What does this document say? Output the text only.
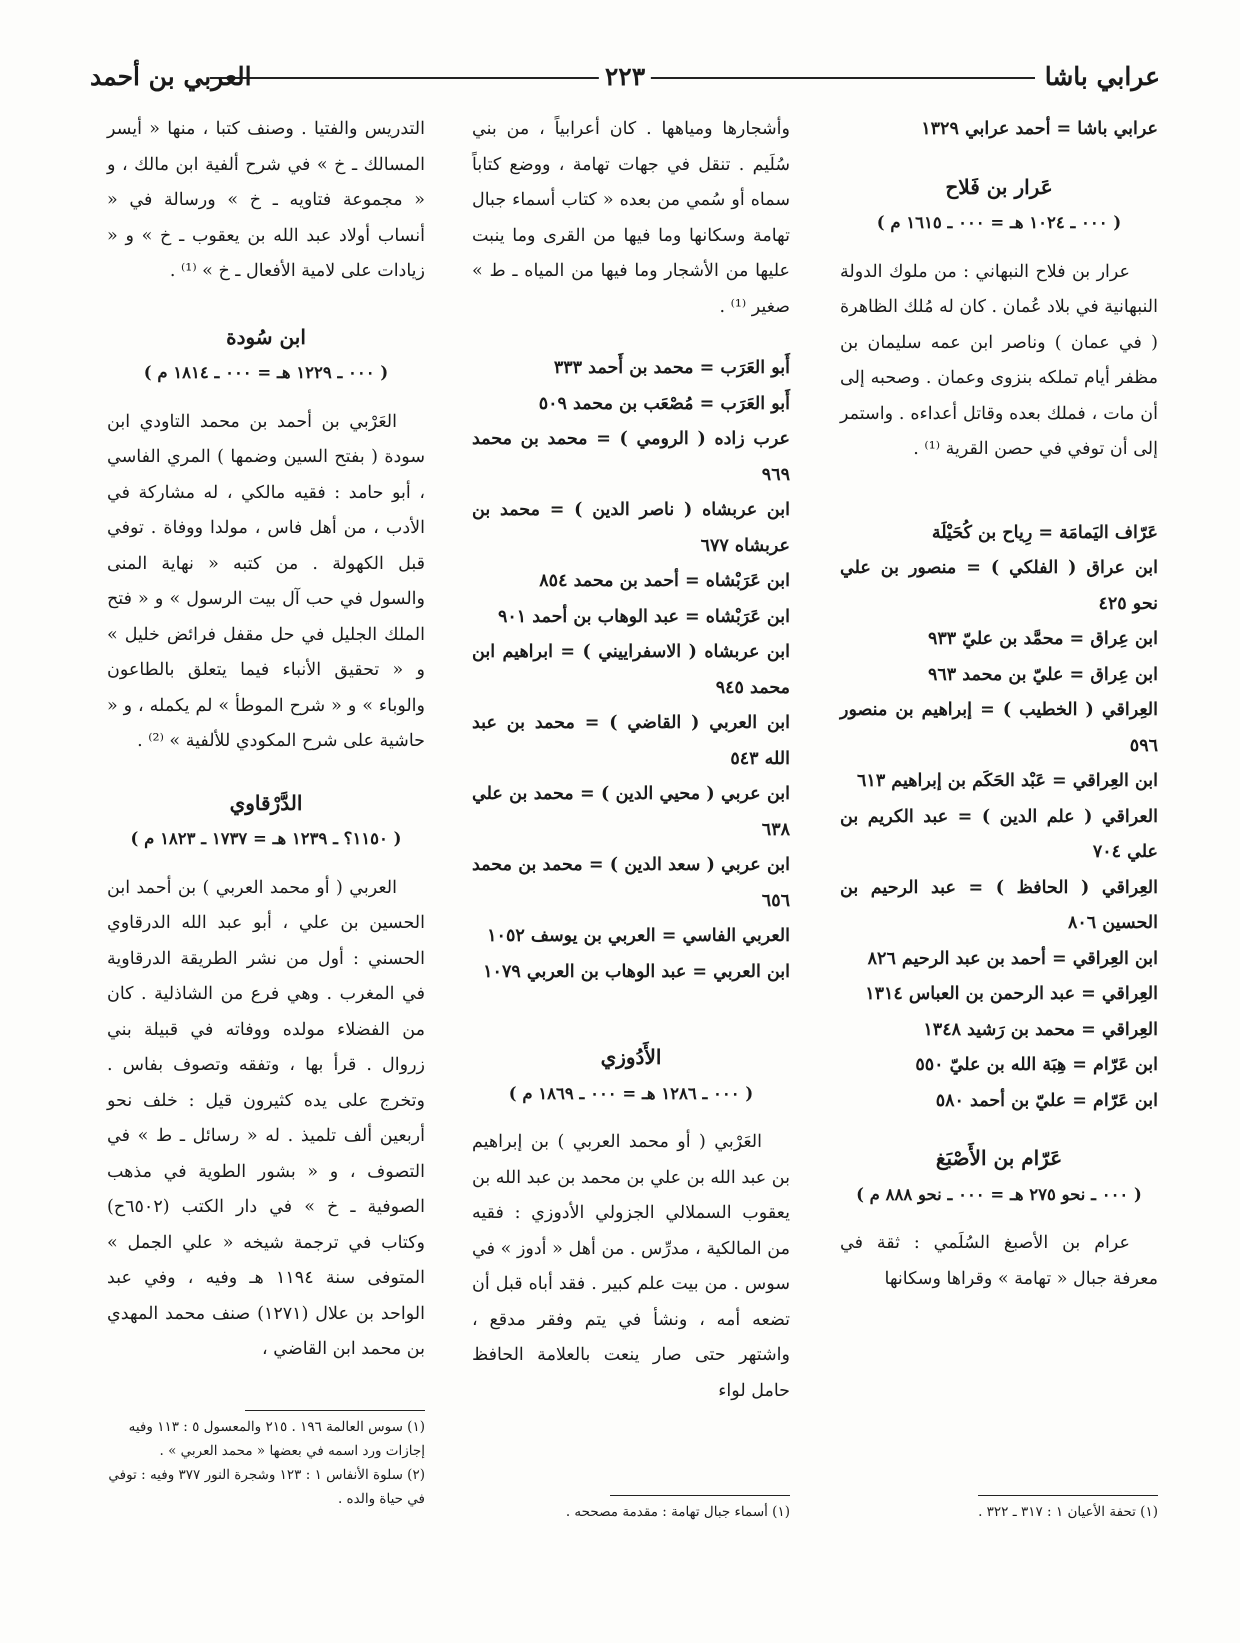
عرابي باشا
٢٢٣
العربي بن أحمد

عرابي باشا = أحمد عرابي ١٣٢٩

عَرار بن فَلاح
( ٠٠٠ ـ ١٠٢٤ هـ = ٠٠٠ ـ ١٦١٥ م )

عرار بن فلاح النبهاني : من ملوك الدولة النبهانية في بلاد عُمان . كان له مُلك الظاهرة ( في عمان ) وناصر ابن عمه سليمان بن مظفر أيام تملكه بنزوى وعمان . وصحبه إلى أن مات ، فملك بعده وقاتل أعداءه . واستمر إلى أن توفي في حصن القرية ⁽¹⁾ .

عَرّاف اليَمامَة = رِياح بن كُحَيْلَة

ابن عراق ( الفلكي ) = منصور بن علي نحو ٤٢٥

ابن عِراق = محمَّد بن عليّ ٩٣٣

ابن عِراق = عليّ بن محمد ٩٦٣

العِراقي ( الخطيب ) = إبراهيم بن منصور ٥٩٦

ابن العِراقي = عَبْد الحَكَم بن إبراهيم ٦١٣

العراقي ( علم الدين ) = عبد الكريم بن علي ٧٠٤

العِراقي ( الحافظ ) = عبد الرحيم بن الحسين ٨٠٦

ابن العِراقي = أحمد بن عبد الرحيم ٨٢٦

العِراقي = عبد الرحمن بن العباس ١٣١٤

العِراقي = محمد بن رَشيد ١٣٤٨

ابن عَرّام = هِبَة الله بن عليّ ٥٥٠

ابن عَرّام = عليّ بن أحمد ٥٨٠

عَرّام بن الأَصْبَغ
( ٠٠٠ ـ نحو ٢٧٥ هـ = ٠٠٠ ـ نحو ٨٨٨ م )

عرام بن الأصبغ السُلَمي : ثقة في معرفة جبال « تهامة » وقراها وسكانها

وأشجارها ومياهها . كان أعرابياً ، من بني سُلَيم . تنقل في جهات تهامة ، ووضع كتاباً سماه أو سُمي من بعده « كتاب أسماء جبال تهامة وسكانها وما فيها من القرى وما ينبت عليها من الأشجار وما فيها من المياه ـ ط » صغير ⁽¹⁾ .

أَبو العَرَب = محمد بن أَحمد ٣٣٣

أَبو العَرَب = مُصْعَب بن محمد ٥٠٩

عرب زاده ( الرومي ) = محمد بن محمد ٩٦٩

ابن عربشاه ( ناصر الدين ) = محمد بن عربشاه ٦٧٧

ابن عَرَبْشاه = أحمد بن محمد ٨٥٤

ابن عَرَبْشاه = عبد الوهاب بن أحمد ٩٠١

ابن عربشاه ( الاسفراييني ) = ابراهيم ابن محمد ٩٤٥

ابن العربي ( القاضي ) = محمد بن عبد الله ٥٤٣

ابن عربي ( محيي الدين ) = محمد بن علي ٦٣٨

ابن عربي ( سعد الدين ) = محمد بن محمد ٦٥٦

العربي الفاسي = العربي بن يوسف ١٠٥٢

ابن العربي = عبد الوهاب بن العربي ١٠٧٩

الأَدُوزي
( ٠٠٠ ـ ١٢٨٦ هـ = ٠٠٠ ـ ١٨٦٩ م )

العَرْبي ( أو محمد العربي ) بن إبراهيم بن عبد الله بن علي بن محمد بن عبد الله بن يعقوب السملالي الجزولي الأدوزي : فقيه من المالكية ، مدرِّس . من أهل « أدوز » في سوس . من بيت علم كبير . فقد أباه قبل أن تضعه أمه ، ونشأ في يتم وفقر مدقع ، واشتهر حتى صار ينعت بالعلامة الحافظ حامل لواء

التدريس والفتيا . وصنف كتبا ، منها « أيسر المسالك ـ خ » في شرح ألفية ابن مالك ، و « مجموعة فتاويه ـ خ » ورسالة في « أنساب أولاد عبد الله بن يعقوب ـ خ » و « زيادات على لامية الأفعال ـ خ » ⁽¹⁾ .

ابن سُودة
( ٠٠٠ ـ ١٢٢٩ هـ = ٠٠٠ ـ ١٨١٤ م )

العَرْبي بن أحمد بن محمد التاودي ابن سودة ( بفتح السين وضمها ) المري الفاسي ، أبو حامد : فقيه مالكي ، له مشاركة في الأدب ، من أهل فاس ، مولدا ووفاة . توفي قبل الكهولة . من كتبه « نهاية المنى والسول في حب آل بيت الرسول » و « فتح الملك الجليل في حل مقفل فرائض خليل » و « تحقيق الأنباء فيما يتعلق بالطاعون والوباء » و « شرح الموطأ » لم يكمله ، و « حاشية على شرح المكودي للألفية » ⁽²⁾ .

الدَّرْقاوي
( ١١٥٠؟ ـ ١٢٣٩ هـ = ١٧٣٧ ـ ١٨٢٣ م )

العربي ( أو محمد العربي ) بن أحمد ابن الحسين بن علي ، أبو عبد الله الدرقاوي الحسني : أول من نشر الطريقة الدرقاوية في المغرب . وهي فرع من الشاذلية . كان من الفضلاء مولده ووفاته في قبيلة بني زروال . قرأ بها ، وتفقه وتصوف بفاس . وتخرج على يده كثيرون قيل : خلف نحو أربعين ألف تلميذ . له « رسائل ـ ط » في التصوف ، و « بشور الطوية في مذهب الصوفية ـ خ » في دار الكتب (٦٥٠٢ح) وكتاب في ترجمة شيخه « علي الجمل » المتوفى سنة ١١٩٤ هـ وفيه ، وفي عبد الواحد بن علال (١٢٧١) صنف محمد المهدي بن محمد ابن القاضي ،

(١) تحفة الأعيان ١ : ٣١٧ ـ ٣٢٢ .

(١) أسماء جبال تهامة : مقدمة مصححه .

(١) سوس العالمة ١٩٦ . ٢١٥ والمعسول ٥ : ١١٣ وفيه إجازات ورد اسمه في بعضها « محمد العربي » .

(٢) سلوة الأنفاس ١ : ١٢٣ وشجرة النور ٣٧٧ وفيه : توفي في حياة والده .
